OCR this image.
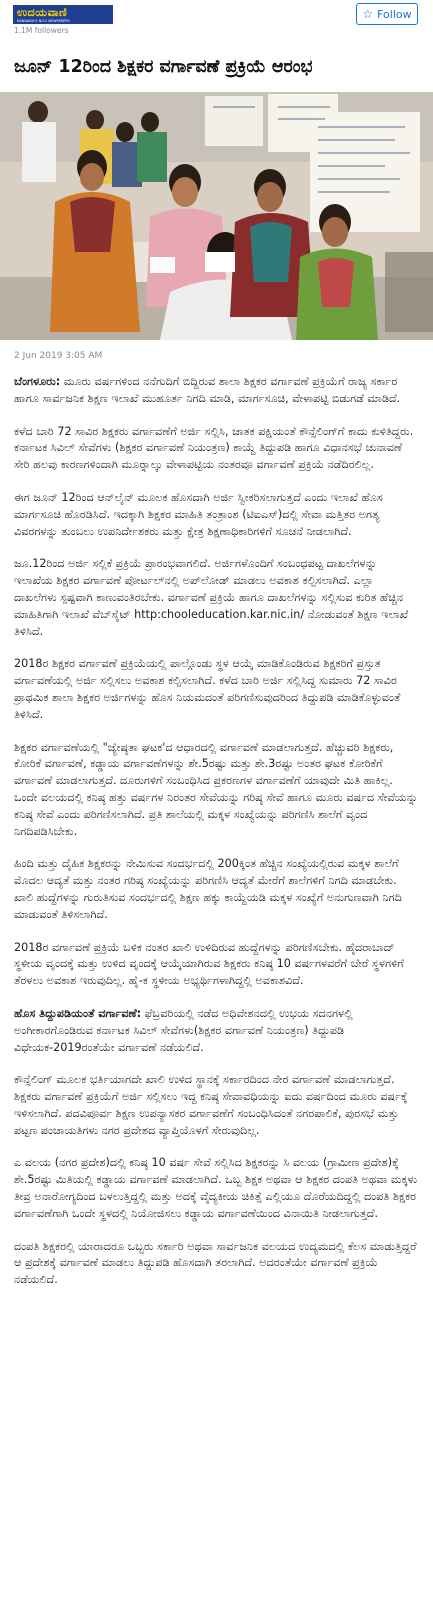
ಉದಯವಾಣಿ
KANNADA'S NO.1 NEWSPAPER
1.1M followers
☆ Follow
ಜೂನ್ 12ರಿಂದ ಶಿಕ್ಷಕರ ವರ್ಗಾವಣೆ ಪ್ರಕ್ರಿಯೆ ಆರಂಭ
2 Jun 2019 3:05 AM

ಬೆಂಗಳೂರು: ಮೂರು ವರ್ಷಗಳಿಂದ ನನೆಗುದಿಗೆ ಬಿದ್ದಿರುವ ಶಾಲಾ ಶಿಕ್ಷಕರ ವರ್ಗಾವಣೆ ಪ್ರಕ್ರಿಯೆಗೆ ರಾಜ್ಯ ಸರ್ಕಾರ ಹಾಗೂ ಸಾರ್ವಜನಿಕ ಶಿಕ್ಷಣ ಇಲಾಖೆ ಮುಹೂರ್ತ ನಿಗದಿ ಮಾಡಿ, ಮಾರ್ಗಸೂಚಿ, ವೇಳಾಪಟ್ಟಿ ಬಿಡುಗಡೆ ಮಾಡಿದೆ.

ಕಳೆದ ಬಾರಿ 72 ಸಾವಿರ ಶಿಕ್ಷಕರು ವರ್ಗಾವಣೆಗೆ ಅರ್ಜಿ ಸಲ್ಲಿಸಿ, ಚಾತಕ ಪಕ್ಷಿಯಂತೆ ಕೌನ್ಸೆಲಿಂಗ್‌ಗೆ ಕಾದು ಕುಳಿತಿದ್ದರು. ಕರ್ನಾಟಕ ಸಿವಿಲ್ ಸೇವೆಗಳು (ಶಿಕ್ಷಕರ ವರ್ಗಾವಣೆ ನಿಯಂತ್ರಣ) ಕಾಯ್ದೆ ತಿದ್ದುಪಡಿ ಹಾಗೂ ವಿಧಾನಸಭೆ ಚುನಾವಣೆ ಸೇರಿ ಹಲವು ಕಾರಣಗಳಿಂದಾಗಿ ಮೂರ್‍ನಾಲ್ಕು ವೇಳಾಪಟ್ಟಿಯ ನಂತರವೂ ವರ್ಗಾವಣೆ ಪ್ರಕ್ರಿಯೆ ನಡೆದಿರಲಿಲ್ಲ.

ಈಗ ಜೂನ್ 12ರಿಂದ ಆನ್‌ಲೈನ್ ಮೂಲಕ ಹೊಸದಾಗಿ ಅರ್ಜಿ ಸ್ವೀಕರಿಸಲಾಗುತ್ತದೆ ಎಂದು ಇಲಾಖೆ ಹೊಸ ಮಾರ್ಗಸೂಚಿ ಹೊರಡಿಸಿದೆ. ಇದಕ್ಕಾಗಿ ಶಿಕ್ಷಕರ ಮಾಹಿತಿ ತಂತ್ರಾಂಶ (ಟಿಐಎಸ್‌)ದಲ್ಲಿ ಸೇವಾ ಮತ್ತಿತರ ಅಗತ್ಯ ವಿವರಗಳನ್ನು ತುಂಬಲು ಉಪನಿರ್ದೇಶಕರು ಮತ್ತು ಕ್ಷೇತ್ರ ಶಿಕ್ಷಣಾಧಿಕಾರಿಗಳಿಗೆ ಸೂಚನೆ ನೀಡಲಾಗಿದೆ.

ಜೂ.12ರಿಂದ ಅರ್ಜಿ ಸಲ್ಲಿಕೆ ಪ್ರಕ್ರಿಯೆ ಪ್ರಾರಂಭವಾಗಲಿದೆ. ಅರ್ಜಿಗಳೊಂದಿಗೆ ಸಂಬಂಧಪಟ್ಟ ದಾಖಲೆಗಳನ್ನು ಇಲಾಖೆಯ ಶಿಕ್ಷಕರ ವರ್ಗಾವಣೆ ಪೋರ್ಟಲ್‌ನಲ್ಲಿ ಅಪ್‌ಲೋಡ್ ಮಾಡಲು ಅವಕಾಶ ಕಲ್ಪಿಸಲಾಗಿದೆ. ಎಲ್ಲಾ ದಾಖಲೆಗಳು ಸ್ಪಷ್ಟವಾಗಿ ಕಾಣುವಂತಿರಬೇಕು. ವರ್ಗಾವಣೆ ಪ್ರಕ್ರಿಯೆ ಹಾಗೂ ದಾಖಲೆಗಳನ್ನು ಸಲ್ಲಿಸುವ ಕುರಿತ ಹೆಚ್ಚಿನ ಮಾಹಿತಿಗಾಗಿ ಇಲಾಖೆ ವೆಬ್‌ಸೈಟ್ http:chooleducation.kar.nic.in/ ನೋಡುವಂತೆ ಶಿಕ್ಷಣ ಇಲಾಖೆ ತಿಳಿಸಿದೆ.

2018ರ ಶಿಕ್ಷಕರ ವರ್ಗಾವಣೆ ಪ್ರಕ್ರಿಯೆಯಲ್ಲಿ ಪಾಲ್ಗೊಂಡು ಸ್ಥಳ ಆಯ್ಕೆ ಮಾಡಿಕೊಂಡಿರುವ ಶಿಕ್ಷಕರಿಗೆ ಪ್ರಸ್ತುತ ವರ್ಗಾವಣೆಯಲ್ಲಿ ಅರ್ಜಿ ಸಲ್ಲಿಸಲು ಅವಕಾಶ ಕಲ್ಪಿಸಲಾಗಿದೆ. ಕಳೆದ ಬಾರಿ ಅರ್ಜಿ ಸಲ್ಲಿಸಿದ್ದ ಸುಮಾರು 72 ಸಾವಿರ ಪ್ರಾಥಮಿಕ ಶಾಲಾ ಶಿಕ್ಷಕರ ಅರ್ಜಿಗಳನ್ನು ಹೊಸ ನಿಯಮದಂತೆ ಪರಿಗಣಿಸುವುದರಿಂದ ತಿದ್ದುಪಡಿ ಮಾಡಿಕೊಳ್ಳುವಂತೆ ತಿಳಿಸಿದೆ.

ಶಿಕ್ಷಕರ ವರ್ಗಾವಣೆಯಲ್ಲಿ "ಜ್ಯೇಷ್ಠತಾ ಘಟಕ'ದ ಆಧಾರದಲ್ಲಿ ವರ್ಗಾವಣೆ ಮಾಡಲಾಗುತ್ತದೆ. ಹೆಚ್ಚುವರಿ ಶಿಕ್ಷಕರು, ಕೋರಿಕೆ ವರ್ಗಾವಣೆ, ಕಡ್ಡಾಯ ವರ್ಗಾವಣೆಗಳನ್ನು ಶೇ.5ರಷ್ಟು ಮತ್ತು ಶೇ.3ರಷ್ಟು ಅಂತರ ಘಟಕ ಕೋರಿಕೆಗೆ ವರ್ಗಾವಣೆ ಮಾಡಲಾಗುತ್ತದೆ. ದೂರುಗಳಿಗೆ ಸಂಬಂಧಿಸಿದ ಪ್ರಕರಣಗಳ ವರ್ಗಾವಣೆಗೆ ಯಾವುದೇ ಮಿತಿ ಹಾಕಿಲ್ಲ. ಒಂದೇ ವಲಯದಲ್ಲಿ ಕನಿಷ್ಠ ಹತ್ತು ವರ್ಷಗಳ ನಿರಂತರ ಸೇವೆಯನ್ನು ಗರಿಷ್ಠ ಸೇವೆ ಹಾಗೂ ಮೂರು ವರ್ಷದ ಸೇವೆಯನ್ನು ಕನಿಷ್ಠ ಸೇವೆ ಎಂದು ಪರಿಗಣಿಸಲಾಗಿದೆ. ಪ್ರತಿ ಶಾಲೆಯಲ್ಲಿ ಮಕ್ಕಳ ಸಂಖ್ಯೆಯನ್ನು ಪರಿಗಣಿಸಿ ಶಾಲೆಗೆ ವೃಂದ ನಿಗದಿಪಡಿಸಿಬೇಕು.

ಹಿಂದಿ ಮತ್ತು ದೈಹಿಕ ಶಿಕ್ಷಕರನ್ನು ನೇಮಿಸುವ ಸಂದರ್ಭದಲ್ಲಿ 200ಕ್ಕಿಂತ ಹೆಚ್ಚಿನ ಸಂಖ್ಯೆಯಲ್ಲಿರುವ ಮಕ್ಕಳ ಶಾಲೆಗೆ ಮೊದಲ ಆದ್ಯತೆ ಮತ್ತು ನಂತರ ಗರಿಷ್ಠ ಸಂಖ್ಯೆಯನ್ನು ಪರಿಗಣಿಸಿ ಆದ್ಯತೆ ಮೇರೆಗೆ ಶಾಲೆಗಳಿಗೆ ನಿಗದಿ ಮಾಡಬೇಕು. ಖಾಲಿ ಹುದ್ದೆಗಳನ್ನು ಗುರುತಿಸುವ ಸಂದರ್ಭದಲ್ಲಿ ಶಿಕ್ಷಣ ಹಕ್ಕು ಕಾಯ್ದೆಯಡಿ ಮಕ್ಕಳ ಸಂಖ್ಯೆಗೆ ಅನುಗುಣವಾಗಿ ನಿಗದಿ ಮಾಡುವಂತೆ ತಿಳಿಸಲಾಗಿದೆ.

2018ರ ವರ್ಗಾವಣೆ ಪ್ರಕ್ರಿಯೆ ಬಳಿಕ ನಂತರ ಖಾಲಿ ಉಳಿದಿರುವ ಹುದ್ದೆಗಳನ್ನು ಪರಿಗಣಿಸಬೇಕು. ಹೈದರಾಬಾದ್ ಸ್ಥಳೀಯ ವೃಂದಕ್ಕೆ ಮತ್ತು ಉಳಿದ ವೃಂದಕ್ಕೆ ಆಯ್ಕೆಯಾಗಿರುವ ಶಿಕ್ಷಕರು ಕನಿಷ್ಠ 10 ವರ್ಷಗಳವರೆಗೆ ಬೇರೆ ಸ್ಥಳಗಳಿಗೆ ತೆರಳಲು ಅವಕಾಶ ಇರುವುದಿಲ್ಲ. ಹೈ-ಕ ಸ್ಥಳೀಯ ಅಭ್ಯರ್ಥಿಗಳಾಗಿದ್ದಲ್ಲಿ ಅವಕಾಶವಿದೆ.

ಹೊಸ ತಿದ್ದುಪಡಿಯಂತೆ ವರ್ಗಾವಣೆ: ಫೆಬ್ರವರಿಯಲ್ಲಿ ನಡೆದ ಅಧಿವೇಶನದಲ್ಲಿ ಉಭಯ ಸದನಗಳಲ್ಲಿ ಅಂಗೀಕಾರಗೊಂಡಿರುವ ಕರ್ನಾಟಕ ಸಿವಿಲ್ ಸೇವೆಗಳು(ಶಿಕ್ಷಕರ ವರ್ಗಾವಣೆ ನಿಯಂತ್ರಣ) ತಿದ್ದುಪಡಿ ವಿಧೇಯಕ-2019ರಂತೆಯೇ ವರ್ಗಾವಣೆ ನಡೆಯಲಿದೆ.

ಕೌನ್ಸೆಲಿಂಗ್ ಮೂಲಕ ಭರ್ತಿಯಾಗದೇ ಖಾಲಿ ಉಳಿದ ಸ್ಥಾನಕ್ಕೆ ಸರ್ಕಾರದಿಂದ ನೇರ ವರ್ಗಾವಣೆ ಮಾಡಲಾಗುತ್ತದೆ. ಶಿಕ್ಷಕರು ವರ್ಗಾವಣೆ ಪ್ರಕ್ರಿಯೆಗೆ ಅರ್ಜಿ ಸಲ್ಲಿಸಲು ಇದ್ದ ಕನಿಷ್ಠ ಸೇವಾವಧಿಯನ್ನು ಐದು ವರ್ಷದಿಂದ ಮೂರು ವರ್ಷಕ್ಕೆ ಇಳಿಸಲಾಗಿದೆ. ಪದವಿಪೂರ್ವ ಶಿಕ್ಷಣ ಉಪನ್ಯಾಸಕರ ವರ್ಗಾವಣೆಗೆ ಸಂಬಂಧಿಸಿದಂತೆ ನಗರಪಾಲಿಕೆ, ಪುರಸಭೆ ಮತ್ತು ಪಟ್ಟಣ ಪಂಚಾಯತಿಗಳು ನಗರ ಪ್ರದೇಶದ ವ್ಯಾಪ್ತಿಯೊಳಗೆ ಸೇರುವುದಿಲ್ಲ.

ಎ ವಲಯ (ನಗರ ಪ್ರದೇಶ)ದಲ್ಲಿ ಕನಿಷ್ಠ 10 ವರ್ಷ ಸೇವೆ ಸಲ್ಲಿಸಿದ ಶಿಕ್ಷಕರನ್ನು ಸಿ ವಲಯ (ಗ್ರಾಮೀಣ ಪ್ರದೇಶ)ಕ್ಕೆ ಶೇ.5ರಷ್ಟು ಮಿತಿಯಲ್ಲಿ ಕಡ್ಡಾಯ ವರ್ಗಾವಣೆ ಮಾಡಲಾಗಿದೆ. ಒಬ್ಬ ಶಿಕ್ಷಕ ಅಥವಾ ಆ ಶಿಕ್ಷಕರ ದಂಪತಿ ಅಥವಾ ಮಕ್ಕಳು ತೀವ್ರ ಅನಾರೋಗ್ಯದಿಂದ ಬಳಲುತ್ತಿದ್ದಲ್ಲಿ ಮತ್ತು ಅದಕ್ಕೆ ವೈದ್ಯಕೀಯ ಚಿಕಿತ್ಸೆ ಎಲ್ಲಿಯೂ ದೊರೆಯದಿದ್ದಲ್ಲಿ ದಂಪತಿ ಶಿಕ್ಷಕರ ವರ್ಗಾವಣೆಗಾಗಿ ಒಂದೇ ಸ್ಥಳದಲ್ಲಿ ನಿಯೋಜಿಸಲು ಕಡ್ಡಾಯ ವರ್ಗಾವಣೆಯಿಂದ ವಿನಾಯಿತಿ ನೀಡಲಾಗುತ್ತದೆ.

ದಂಪತಿ ಶಿಕ್ಷಕರಲ್ಲಿ ಯಾರಾದರೂ ಒಬ್ಬರು ಸರ್ಕಾರಿ ಅಥವಾ ಸಾರ್ವಜನಿಕ ವಲಯದ ಉದ್ಯಮದಲ್ಲಿ ಕೆಲಸ ಮಾಡುತ್ತಿದ್ದರೆ ಆ ಪ್ರದೇಶಕ್ಕೆ ವರ್ಗಾವಣೆ ಮಾಡಲು ತಿದ್ದುಪಡಿ ಹೊಸದಾಗಿ ತರಲಾಗಿದೆ. ಅದರಂತೆಯೇ ವರ್ಗಾವಣೆ ಪ್ರಕ್ರಿಯೆ ನಡೆಯಲಿದೆ.
